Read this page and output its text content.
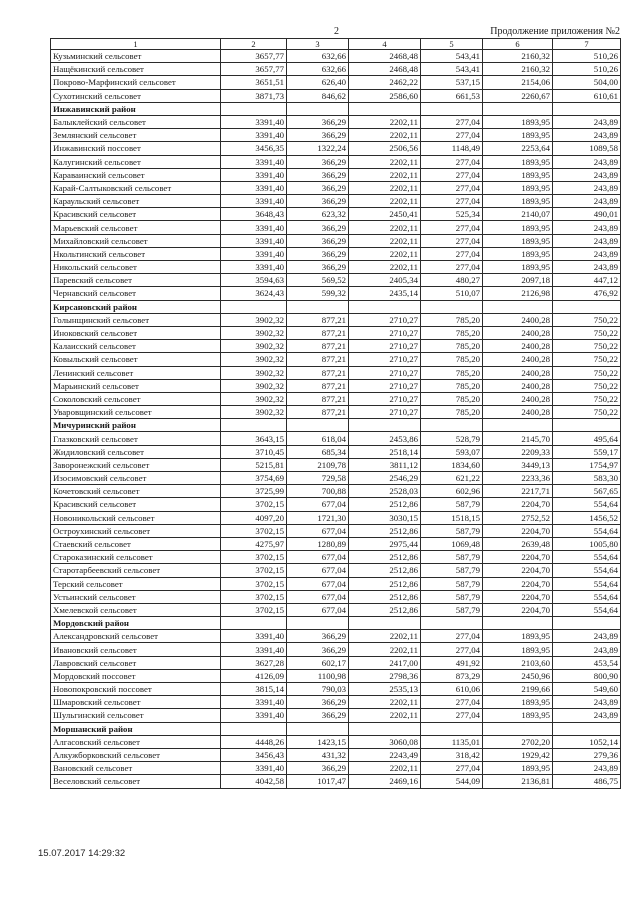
2	Продолжение приложения №2
1	2	3	4	5	6	7
Кузьминский сельсовет	3657,77	632,66	2468,48	543,41	2160,32	510,26
Нащёкинский сельсовет	3657,77	632,66	2468,48	543,41	2160,32	510,26
Покрово-Марфинский сельсовет	3651,51	626,40	2462,22	537,15	2154,06	504,00
Сухотинский сельсовет	3871,73	846,62	2586,60	661,53	2260,67	610,61
Инжавинский район						
Балыклейский сельсовет	3391,40	366,29	2202,11	277,04	1893,95	243,89
Землянский сельсовет	3391,40	366,29	2202,11	277,04	1893,95	243,89
Инжавинский поссовет	3456,35	1322,24	2506,56	1148,49	2253,64	1089,58
Калугинский сельсовет	3391,40	366,29	2202,11	277,04	1893,95	243,89
Караваинский сельсовет	3391,40	366,29	2202,11	277,04	1893,95	243,89
Карай-Салтыковский сельсовет	3391,40	366,29	2202,11	277,04	1893,95	243,89
Караульский сельсовет	3391,40	366,29	2202,11	277,04	1893,95	243,89
Красивский сельсовет	3648,43	623,32	2450,41	525,34	2140,07	490,01
Марьевский сельсовет	3391,40	366,29	2202,11	277,04	1893,95	243,89
Михайловский сельсовет	3391,40	366,29	2202,11	277,04	1893,95	243,89
Нкольтинский сельсовет	3391,40	366,29	2202,11	277,04	1893,95	243,89
Никольский сельсовет	3391,40	366,29	2202,11	277,04	1893,95	243,89
Паревский сельсовет	3594,63	569,52	2405,34	480,27	2097,18	447,12
Чернавский сельсовет	3624,43	599,32	2435,14	510,07	2126,98	476,92
Кирсановский район						
Голынщинский сельсовет	3902,32	877,21	2710,27	785,20	2400,28	750,22
Иноковский сельсовет	3902,32	877,21	2710,27	785,20	2400,28	750,22
Калаисский сельсовет	3902,32	877,21	2710,27	785,20	2400,28	750,22
Ковыльский сельсовет	3902,32	877,21	2710,27	785,20	2400,28	750,22
Ленинский сельсовет	3902,32	877,21	2710,27	785,20	2400,28	750,22
Марьинский сельсовет	3902,32	877,21	2710,27	785,20	2400,28	750,22
Соколовский сельсовет	3902,32	877,21	2710,27	785,20	2400,28	750,22
Уваровщинский сельсовет	3902,32	877,21	2710,27	785,20	2400,28	750,22
Мичуринский район						
Глазковский сельсовет	3643,15	618,04	2453,86	528,79	2145,70	495,64
Жидиловский сельсовет	3710,45	685,34	2518,14	593,07	2209,33	559,17
Заворонежский сельсовет	5215,81	2109,78	3811,12	1834,60	3449,13	1754,97
Изосимовский сельсовет	3754,69	729,58	2546,29	621,22	2233,36	583,30
Кочетовский сельсовет	3725,99	700,88	2528,03	602,96	2217,71	567,65
Красивский сельсовет	3702,15	677,04	2512,86	587,79	2204,70	554,64
Новоникольский сельсовет	4097,20	1721,30	3030,15	1518,15	2752,52	1456,52
Остроухинский сельсовет	3702,15	677,04	2512,86	587,79	2204,70	554,64
Стаевский сельсовет	4275,97	1280,89	2975,44	1069,48	2639,48	1005,80
Староказинский сельсовет	3702,15	677,04	2512,86	587,79	2204,70	554,64
Старотарбеевский сельсовет	3702,15	677,04	2512,86	587,79	2204,70	554,64
Терский сельсовет	3702,15	677,04	2512,86	587,79	2204,70	554,64
Устьинский сельсовет	3702,15	677,04	2512,86	587,79	2204,70	554,64
Хмелевской сельсовет	3702,15	677,04	2512,86	587,79	2204,70	554,64
Мордовский район						
Александровский сельсовет	3391,40	366,29	2202,11	277,04	1893,95	243,89
Ивановский сельсовет	3391,40	366,29	2202,11	277,04	1893,95	243,89
Лавровский сельсовет	3627,28	602,17	2417,00	491,92	2103,60	453,54
Мордовский поссовет	4126,09	1100,98	2798,36	873,29	2450,96	800,90
Новопокровский поссовет	3815,14	790,03	2535,13	610,06	2199,66	549,60
Шмаровский сельсовет	3391,40	366,29	2202,11	277,04	1893,95	243,89
Шульгинский сельсовет	3391,40	366,29	2202,11	277,04	1893,95	243,89
Моршанский район						
Алгасовский сельсовет	4448,26	1423,15	3060,08	1135,01	2702,20	1052,14
Алкужборковский сельсовет	3456,43	431,32	2243,49	318,42	1929,42	279,36
Вановский сельсовет	3391,40	366,29	2202,11	277,04	1893,95	243,89
Веселовский сельсовет	4042,58	1017,47	2469,16	544,09	2136,81	486,75
15.07.2017 14:29:32
